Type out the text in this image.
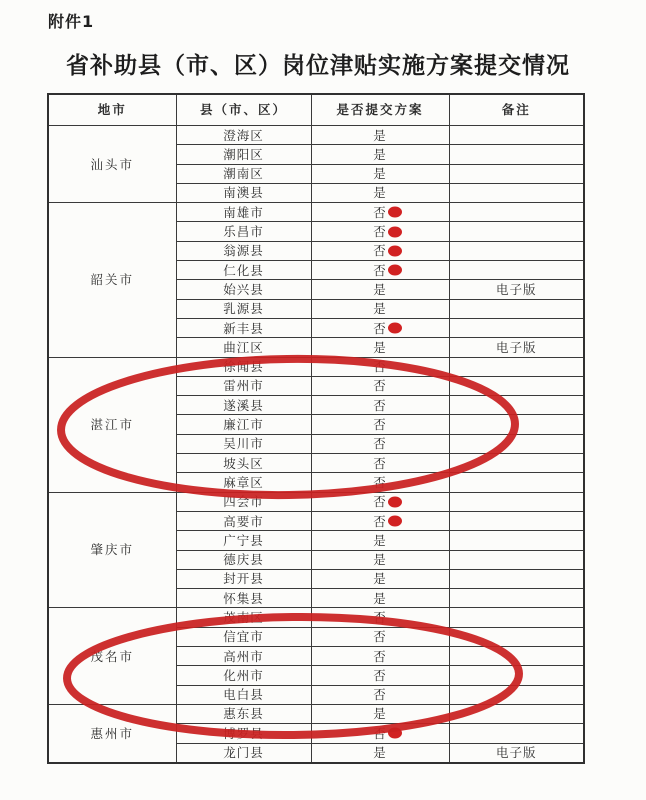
附件1
省补助县（市、区）岗位津贴实施方案提交情况
地市	县（市、区）	是否提交方案	备注
汕头市	澄海区	是	
	潮阳区	是	
	潮南区	是	
	南澳县	是	
韶关市	南雄市	否

	乐昌市	否

	翁源县	否

	仁化县	否

	始兴县	是	电子版
	乳源县	是	
	新丰县	否

	曲江区	是	电子版
湛江市	徐闻县	否	
	雷州市	否	
	遂溪县	否	
	廉江市	否	
	吴川市	否	
	坡头区	否	
	麻章区	否	
肇庆市	四会市	否

	高要市	否

	广宁县	是	
	德庆县	是	
	封开县	是	
	怀集县	是	
茂名市	茂南区	否	
	信宜市	否	
	高州市	否	
	化州市	否	
	电白县	否	
惠州市	惠东县	是	
	博罗县	否

	龙门县	是	电子版
